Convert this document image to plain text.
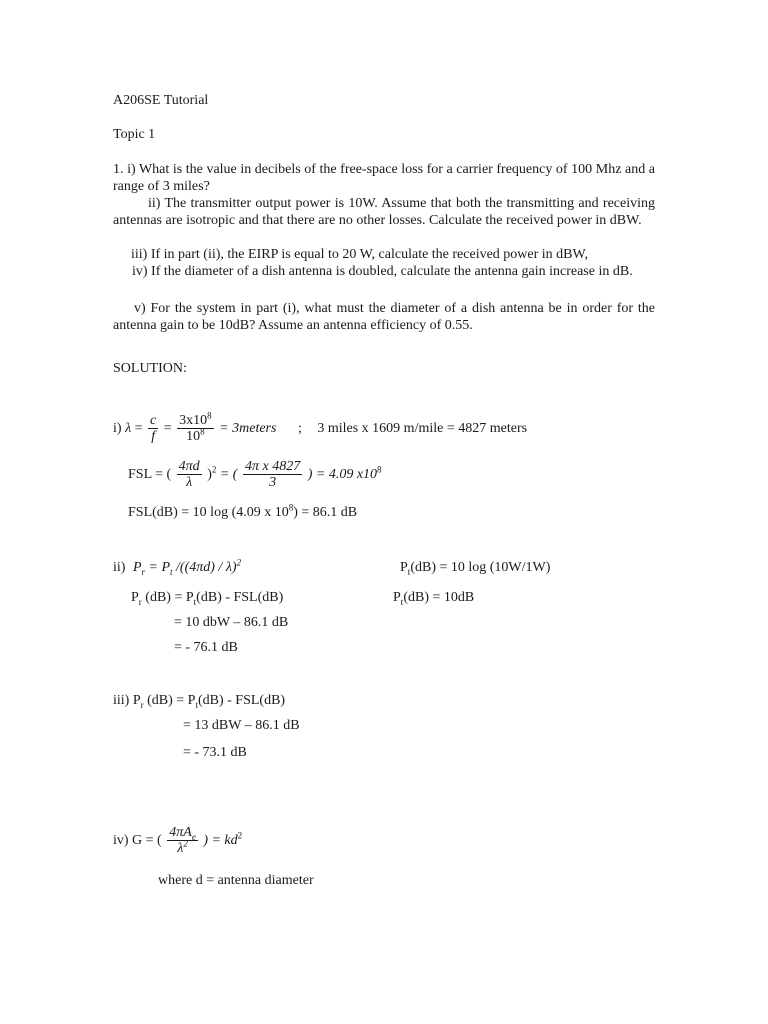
A206SE Tutorial
Topic 1
1. i) What is the value in decibels of the free-space loss for a carrier frequency of 100 Mhz and a range of 3 miles?
ii) The transmitter output power is 10W. Assume that both the transmitting and receiving antennas are isotropic and that there are no other losses. Calculate the received power in dBW.
iii) If in part (ii), the EIRP is equal to 20 W, calculate the received power in dBW,
iv) If the diameter of a dish antenna is doubled, calculate the antenna gain increase in dB.
v) For the system in part (i), what must the diameter of a dish antenna be in order for the antenna gain to be 10dB? Assume an antenna efficiency of 0.55.
SOLUTION:
i) $\lambda = \frac{c}{f} = \frac{3x10^8}{10^8}$ = 3meters ; 3 miles x 1609 m/mile = 4827 meters
FSL = ( $\frac{4\pi d}{\lambda} )^2$ = ( $\frac{\text{4π x 4827}}{3}$ ) = 4.09 $x10^8$
FSL(dB) = 10 log (4.09 x $10^8) = 86.1$ dB
ii) $P_r = P_t$ /((4πd) / λ)$^2$	$P_t(dB) = 10$ log (10W/1W)
$P_r$ $(dB) = P_t(dB) - FSL(dB)$	$P_t(dB) = 10dB$
= 10 dbW – 86.1 dB
= - 76.1 dB
iii) $P_r$ $(dB) = P_t(dB) - FSL(dB)$
= 13 dBW – 86.1 dB
= - 73.1 dB
iv) G = ( $\frac{4\pi A_e}{\lambda^2}$ ) = $kd^2$
where d = antenna diameter
